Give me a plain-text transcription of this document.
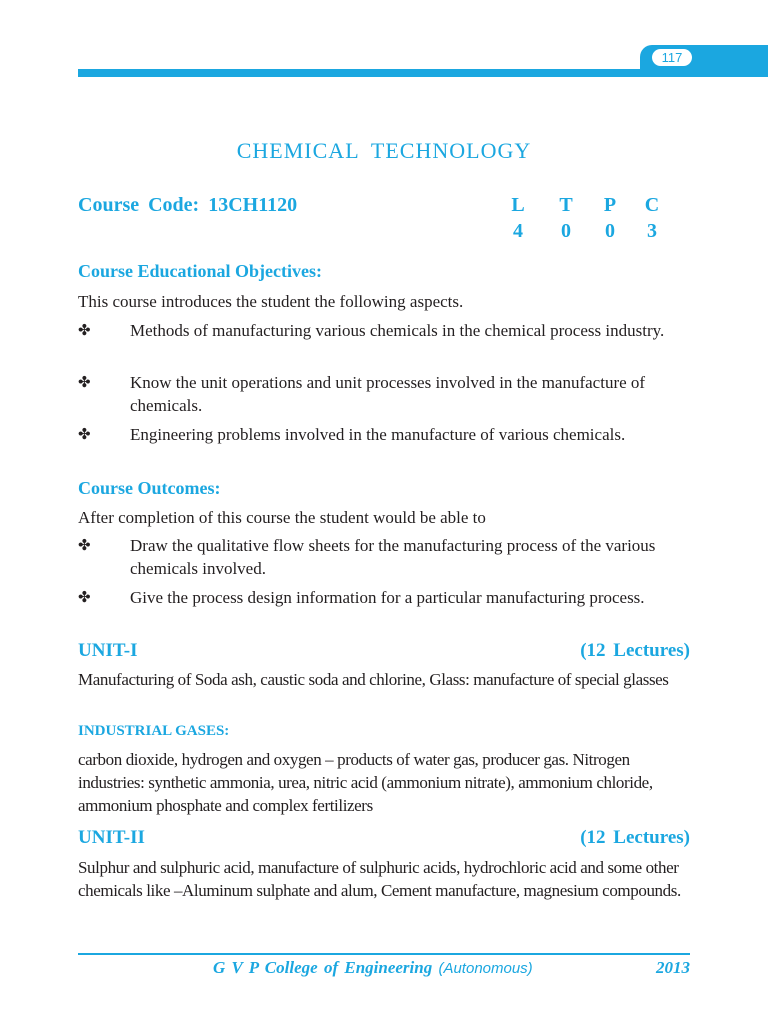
117
CHEMICAL TECHNOLOGY
Course Code: 13CH1120	L T P C
4 0 0 3
Course Educational Objectives:
This course introduces the student the following aspects.
✤ Methods of manufacturing various chemicals in the chemical process industry.
✤ Know the unit operations and unit processes involved in the manufacture of chemicals.
✤ Engineering problems involved in the manufacture of various chemicals.
Course Outcomes:
After completion of this course the student would be able to
✤ Draw the qualitative flow sheets for the manufacturing process of the various chemicals involved.
✤ Give the process design information for a particular manufacturing process.
UNIT-I	(12 Lectures)
Manufacturing of Soda ash, caustic soda and chlorine, Glass: manufacture of special glasses
INDUSTRIAL GASES:
carbon dioxide, hydrogen and oxygen – products of water gas, producer gas. Nitrogen industries: synthetic ammonia, urea, nitric acid (ammonium nitrate), ammonium chloride, ammonium phosphate and complex fertilizers
UNIT-II	(12 Lectures)
Sulphur and sulphuric acid, manufacture of sulphuric acids, hydrochloric acid and some other chemicals like –Aluminum sulphate and alum, Cement manufacture, magnesium compounds.
G V P College of Engineering (Autonomous)	2013
